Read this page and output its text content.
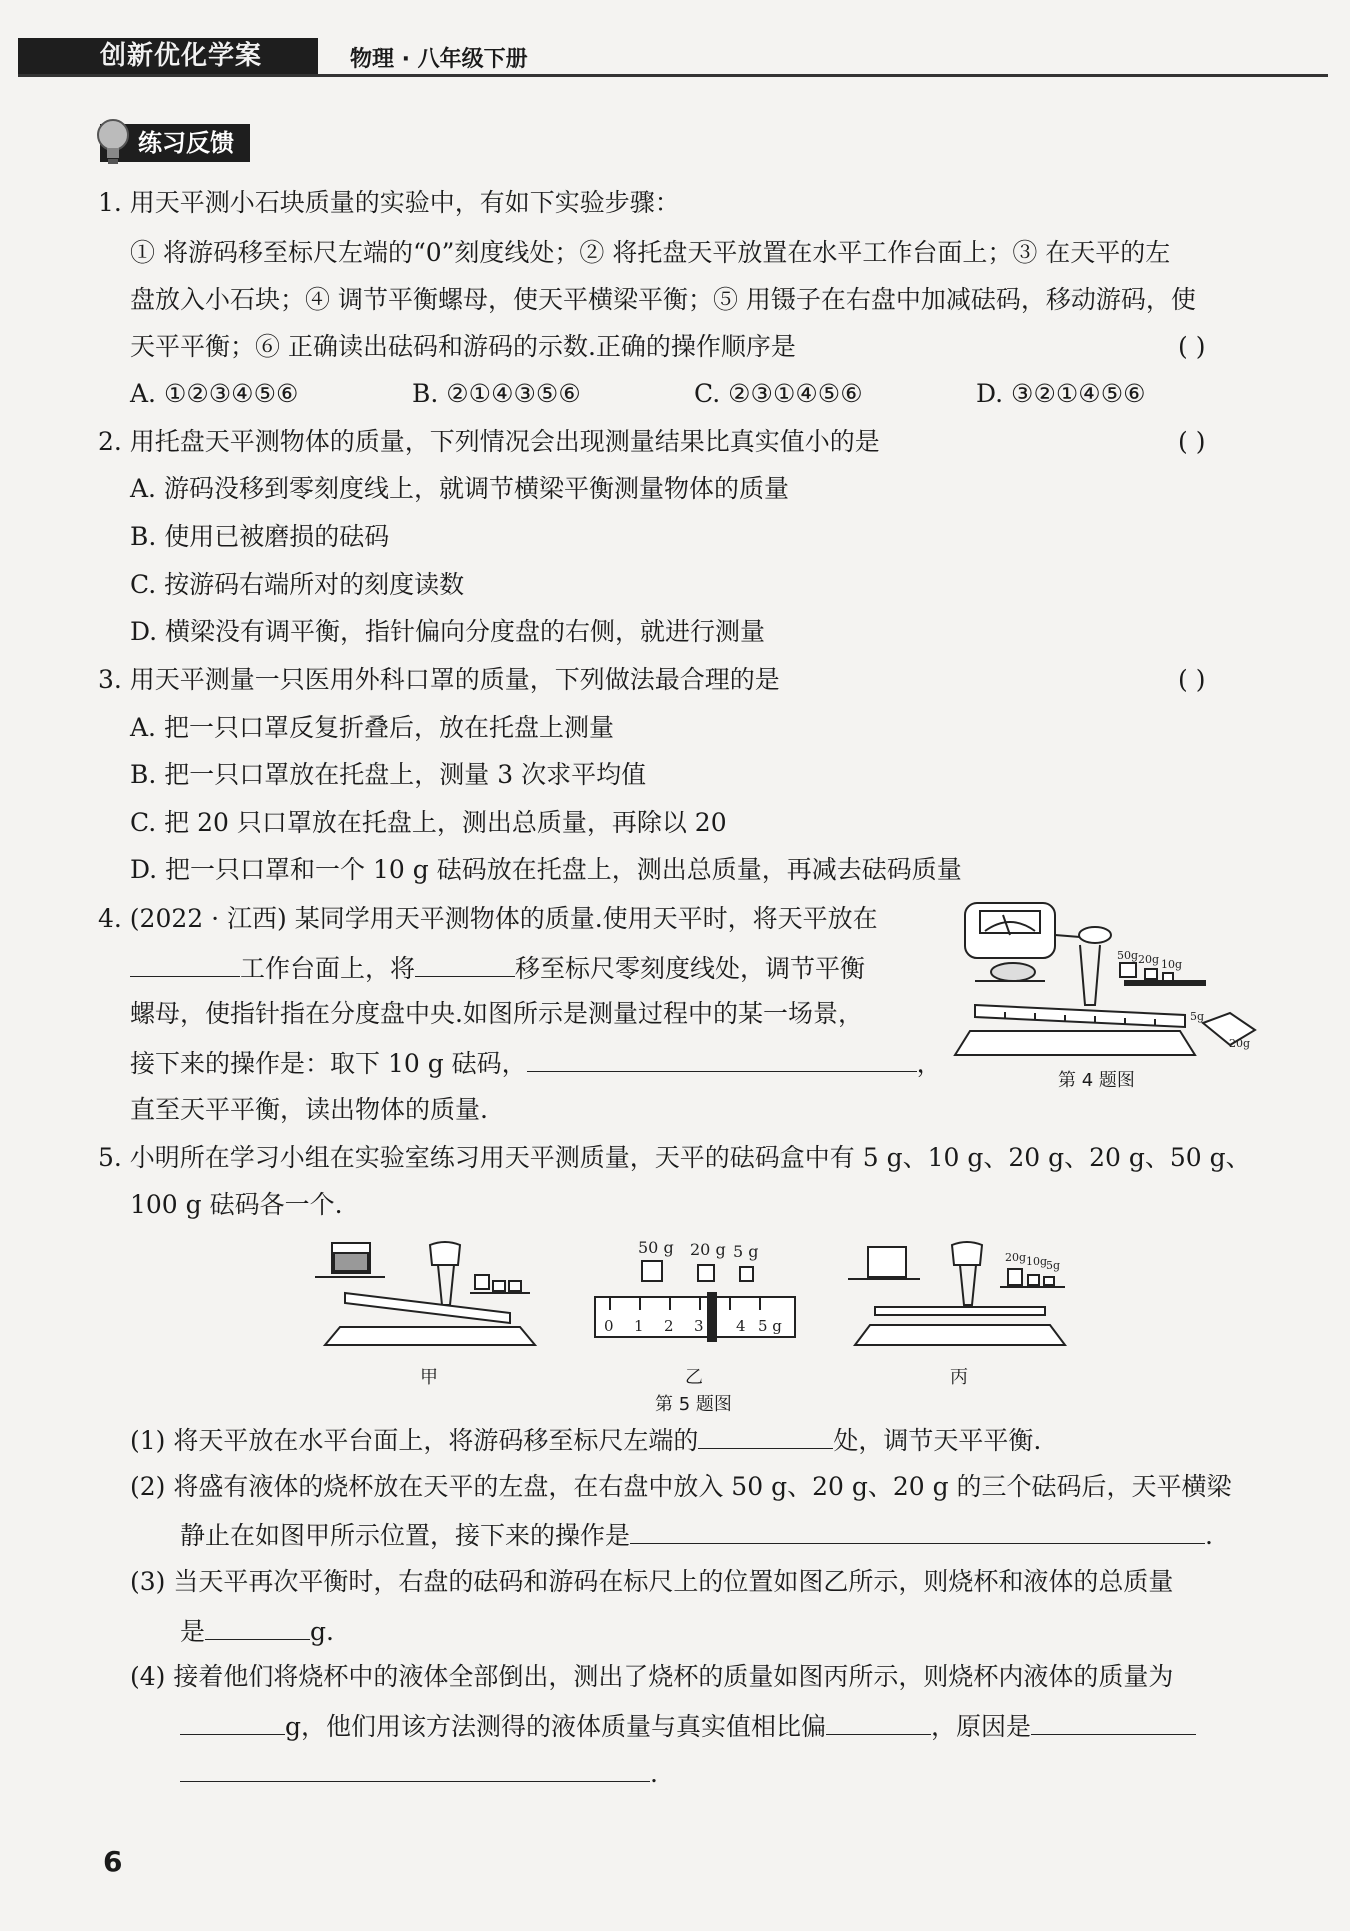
创新优化学案	物理 · 八年级下册
练习反馈
1. 用天平测小石块质量的实验中，有如下实验步骤：
① 将游码移至标尺左端的“0”刻度线处；② 将托盘天平放置在水平工作台面上；③ 在天平的左
盘放入小石块；④ 调节平衡螺母，使天平横梁平衡；⑤ 用镊子在右盘中加减砝码，移动游码，使
天平平衡；⑥ 正确读出砝码和游码的示数.正确的操作顺序是	( )
A. ①②③④⑤⑥	B. ②①④③⑤⑥	C. ②③①④⑤⑥	D. ③②①④⑤⑥
2. 用托盘天平测物体的质量，下列情况会出现测量结果比真实值小的是	( )
A. 游码没移到零刻度线上，就调节横梁平衡测量物体的质量
B. 使用已被磨损的砝码
C. 按游码右端所对的刻度读数
D. 横梁没有调平衡，指针偏向分度盘的右侧，就进行测量
3. 用天平测量一只医用外科口罩的质量，下列做法最合理的是	( )
A. 把一只口罩反复折叠后，放在托盘上测量
B. 把一只口罩放在托盘上，测量 3 次求平均值
C. 把 20 只口罩放在托盘上，测出总质量，再除以 20
D. 把一只口罩和一个 10 g 砝码放在托盘上，测出总质量，再减去砝码质量
4. (2022 · 江西) 某同学用天平测物体的质量.使用天平时，将天平放在
工作台面上，将	移至标尺零刻度线处，调节平衡
螺母，使指针指在分度盘中央.如图所示是测量过程中的某一场景，
接下来的操作是：取下 10 g 砝码，	，
直至天平平衡，读出物体的质量.
50g 20g 10g
5g
20g
第 4 题图
5. 小明所在学习小组在实验室练习用天平测质量，天平的砝码盒中有 5 g、10 g、20 g、20 g、50 g、
100 g 砝码各一个.
甲
50 g 20 g 5 g
0 1 2 3 4 5 g
乙
20g 10g
5g
丙
第 5 题图
(1) 将天平放在水平台面上，将游码移至标尺左端的	处，调节天平平衡.
(2) 将盛有液体的烧杯放在天平的左盘，在右盘中放入 50 g、20 g、20 g 的三个砝码后，天平横梁
静止在如图甲所示位置，接下来的操作是	.
(3) 当天平再次平衡时，右盘的砝码和游码在标尺上的位置如图乙所示，则烧杯和液体的总质量
是	g.
(4) 接着他们将烧杯中的液体全部倒出，测出了烧杯的质量如图丙所示，则烧杯内液体的质量为
g，他们用该方法测得的液体质量与真实值相比偏	，原因是
.
6
